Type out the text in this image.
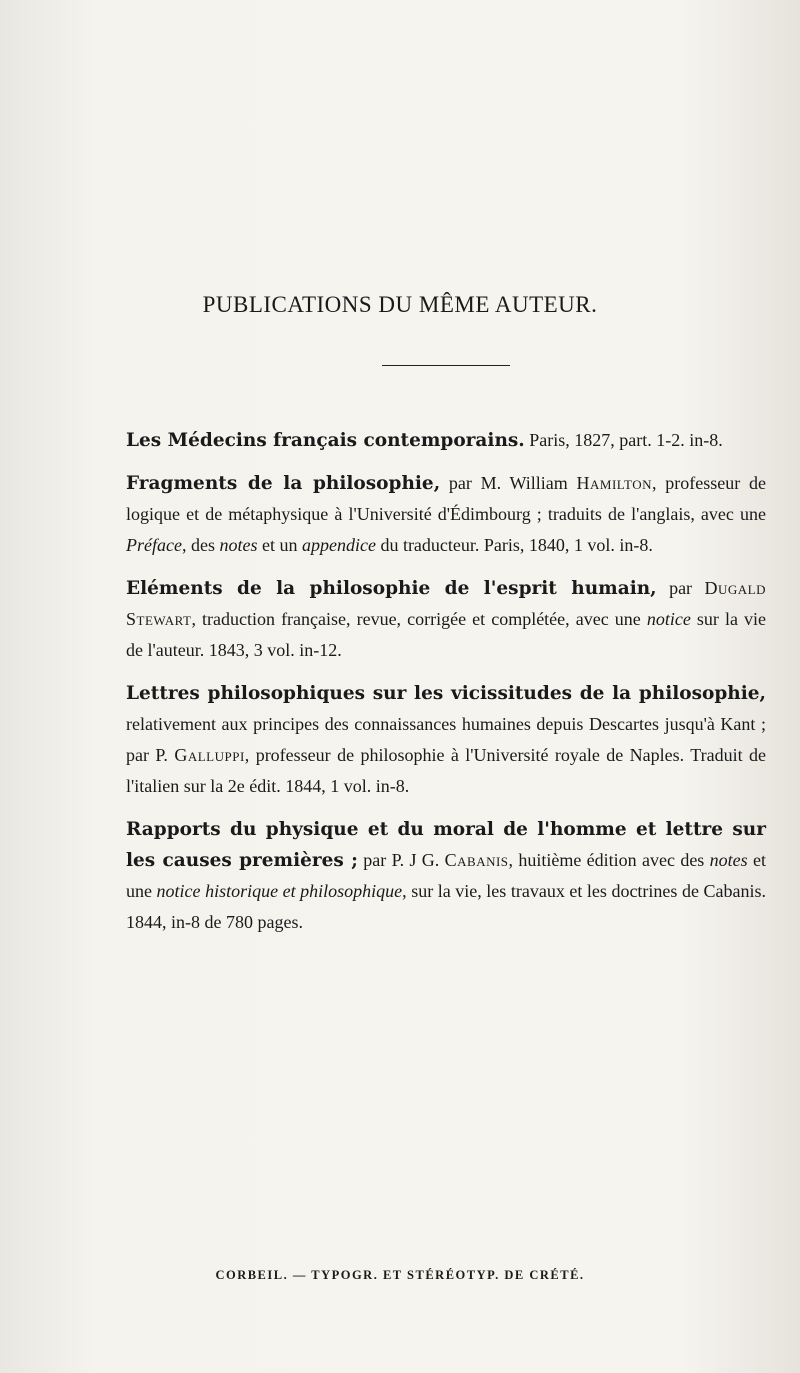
PUBLICATIONS DU MÊME AUTEUR.
Les Médecins français contemporains. Paris, 1827, part. 1-2. in-8.
Fragments de la philosophie, par M. William Hamilton, professeur de logique et de métaphysique à l'Université d'Édimbourg ; traduits de l'anglais, avec une Préface, des notes et un appendice du traducteur. Paris, 1840, 1 vol. in-8.
Eléments de la philosophie de l'esprit humain, par Dugald Stewart, traduction française, revue, corrigée et complétée, avec une notice sur la vie de l'auteur. 1843, 3 vol. in-12.
Lettres philosophiques sur les vicissitudes de la philosophie, relativement aux principes des connaissances humaines depuis Descartes jusqu'à Kant ; par P. Galluppi, professeur de philosophie à l'Université royale de Naples. Traduit de l'italien sur la 2e édit. 1844, 1 vol. in-8.
Rapports du physique et du moral de l'homme et lettre sur les causes premières ; par P. J G. Cabanis, huitième édition avec des notes et une notice historique et philosophique, sur la vie, les travaux et les doctrines de Cabanis. 1844, in-8 de 780 pages.
CORBEIL. — TYPOGR. ET STÉRÉOTYP. DE CRÉTÉ.
